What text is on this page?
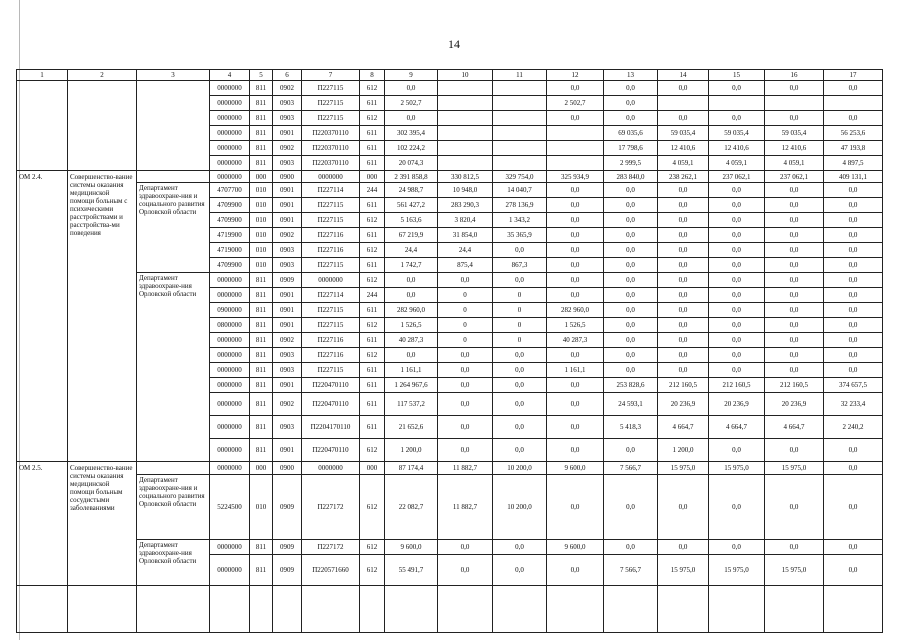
14
1	2	3	4	5	6	7	8	9	10	11	12	13	14	15	16	17
			0000000	811	0902	П227115	612	0,0			0,0	0,0	0,0	0,0	0,0	0,0
			0000000	811	0903	П227115	611	2 502,7			2 502,7	0,0				
			0000000	811	0903	П227115	612	0,0			0,0	0,0	0,0	0,0	0,0	0,0
			0000000	811	0901	П220370110	611	302 395,4				69 035,6	59 035,4	59 035,4	59 035,4	56 253,6
			0000000	811	0902	П220370110	611	102 224,2				17 798,6	12 410,6	12 410,6	12 410,6	47 193,8
			0000000	811	0903	П220370110	611	20 074,3				2 999,5	4 059,1	4 059,1	4 059,1	4 897,5
ОМ 2.4.	Совершенство-вание системы оказания медицинской помощи больным с психическими расстройствами и расстройства-ми поведения		0000000	000	0900	0000000	000	2 391 858,8	330 812,5	329 754,0	325 934,9	283 840,0	238 262,1	237 062,1	237 062,1	409 131,1
		Департамент здравоохране-ния и социального развития Орловской области	4707700	010	0901	П227114	244	24 988,7	10 948,0	14 040,7	0,0	0,0	0,0	0,0	0,0	0,0
			4709900	010	0901	П227115	611	561 427,2	283 290,3	278 136,9	0,0	0,0	0,0	0,0	0,0	0,0
			4709900	010	0901	П227115	612	5 163,6	3 820,4	1 343,2	0,0	0,0	0,0	0,0	0,0	0,0
			4719900	010	0902	П227116	611	67 219,9	31 854,0	35 365,9	0,0	0,0	0,0	0,0	0,0	0,0
			4719000	010	0903	П227116	612	24,4	24,4	0,0	0,0	0,0	0,0	0,0	0,0	0,0
			4709900	010	0903	П227115	611	1 742,7	875,4	867,3	0,0	0,0	0,0	0,0	0,0	0,0
		Департамент здравоохране-ния Орловской области	0000000	811	0909	0000000	612	0,0	0,0	0,0	0,0	0,0	0,0	0,0	0,0	0,0
			0000000	811	0901	П227114	244	0,0	0	0	0,0	0,0	0,0	0,0	0,0	0,0
			0900000	811	0901	П227115	611	282 960,0	0	0	282 960,0	0,0	0,0	0,0	0,0	0,0
			0800000	811	0901	П227115	612	1 526,5	0	0	1 526,5	0,0	0,0	0,0	0,0	0,0
			0000000	811	0902	П227116	611	40 287,3	0	0	40 287,3	0,0	0,0	0,0	0,0	0,0
			0000000	811	0903	П227116	612	0,0	0,0	0,0	0,0	0,0	0,0	0,0	0,0	0,0
			0000000	811	0903	П227115	611	1 161,1	0,0	0,0	1 161,1	0,0	0,0	0,0	0,0	0,0
			0000000	811	0901	П220470110	611	1 264 967,6	0,0	0,0	0,0	253 828,6	212 160,5	212 160,5	212 160,5	374 657,5
			0000000	811	0902	П220470110	611	117 537,2	0,0	0,0	0,0	24 593,1	20 236,9	20 236,9	20 236,9	32 233,4
			0000000	811	0903	П2204170110	611	21 652,6	0,0	0,0	0,0	5 418,3	4 664,7	4 664,7	4 664,7	2 240,2
			0000000	811	0901	П220470110	612	1 200,0	0,0	0,0	0,0	0,0	1 200,0	0,0	0,0	0,0
ОМ 2.5.	Совершенство-вание системы оказания медицинской помощи больным сосудистыми заболеваниями		0000000	000	0900	0000000	000	87 174,4	11 882,7	10 200,0	9 600,0	7 566,7	15 975,0	15 975,0	15 975,0	0,0
		Департамент здравоохране-ния и социального развития Орловской области	5224500	010	0909	П227172	612	22 082,7	11 882,7	10 200,0	0,0	0,0	0,0	0,0	0,0	0,0
		Департамент здравоохране-ния Орловской области	0000000	811	0909	П227172	612	9 600,0	0,0	0,0	9 600,0	0,0	0,0	0,0	0,0	0,0
			0000000	811	0909	П220571660	612	55 491,7	0,0	0,0	0,0	7 566,7	15 975,0	15 975,0	15 975,0	0,0
